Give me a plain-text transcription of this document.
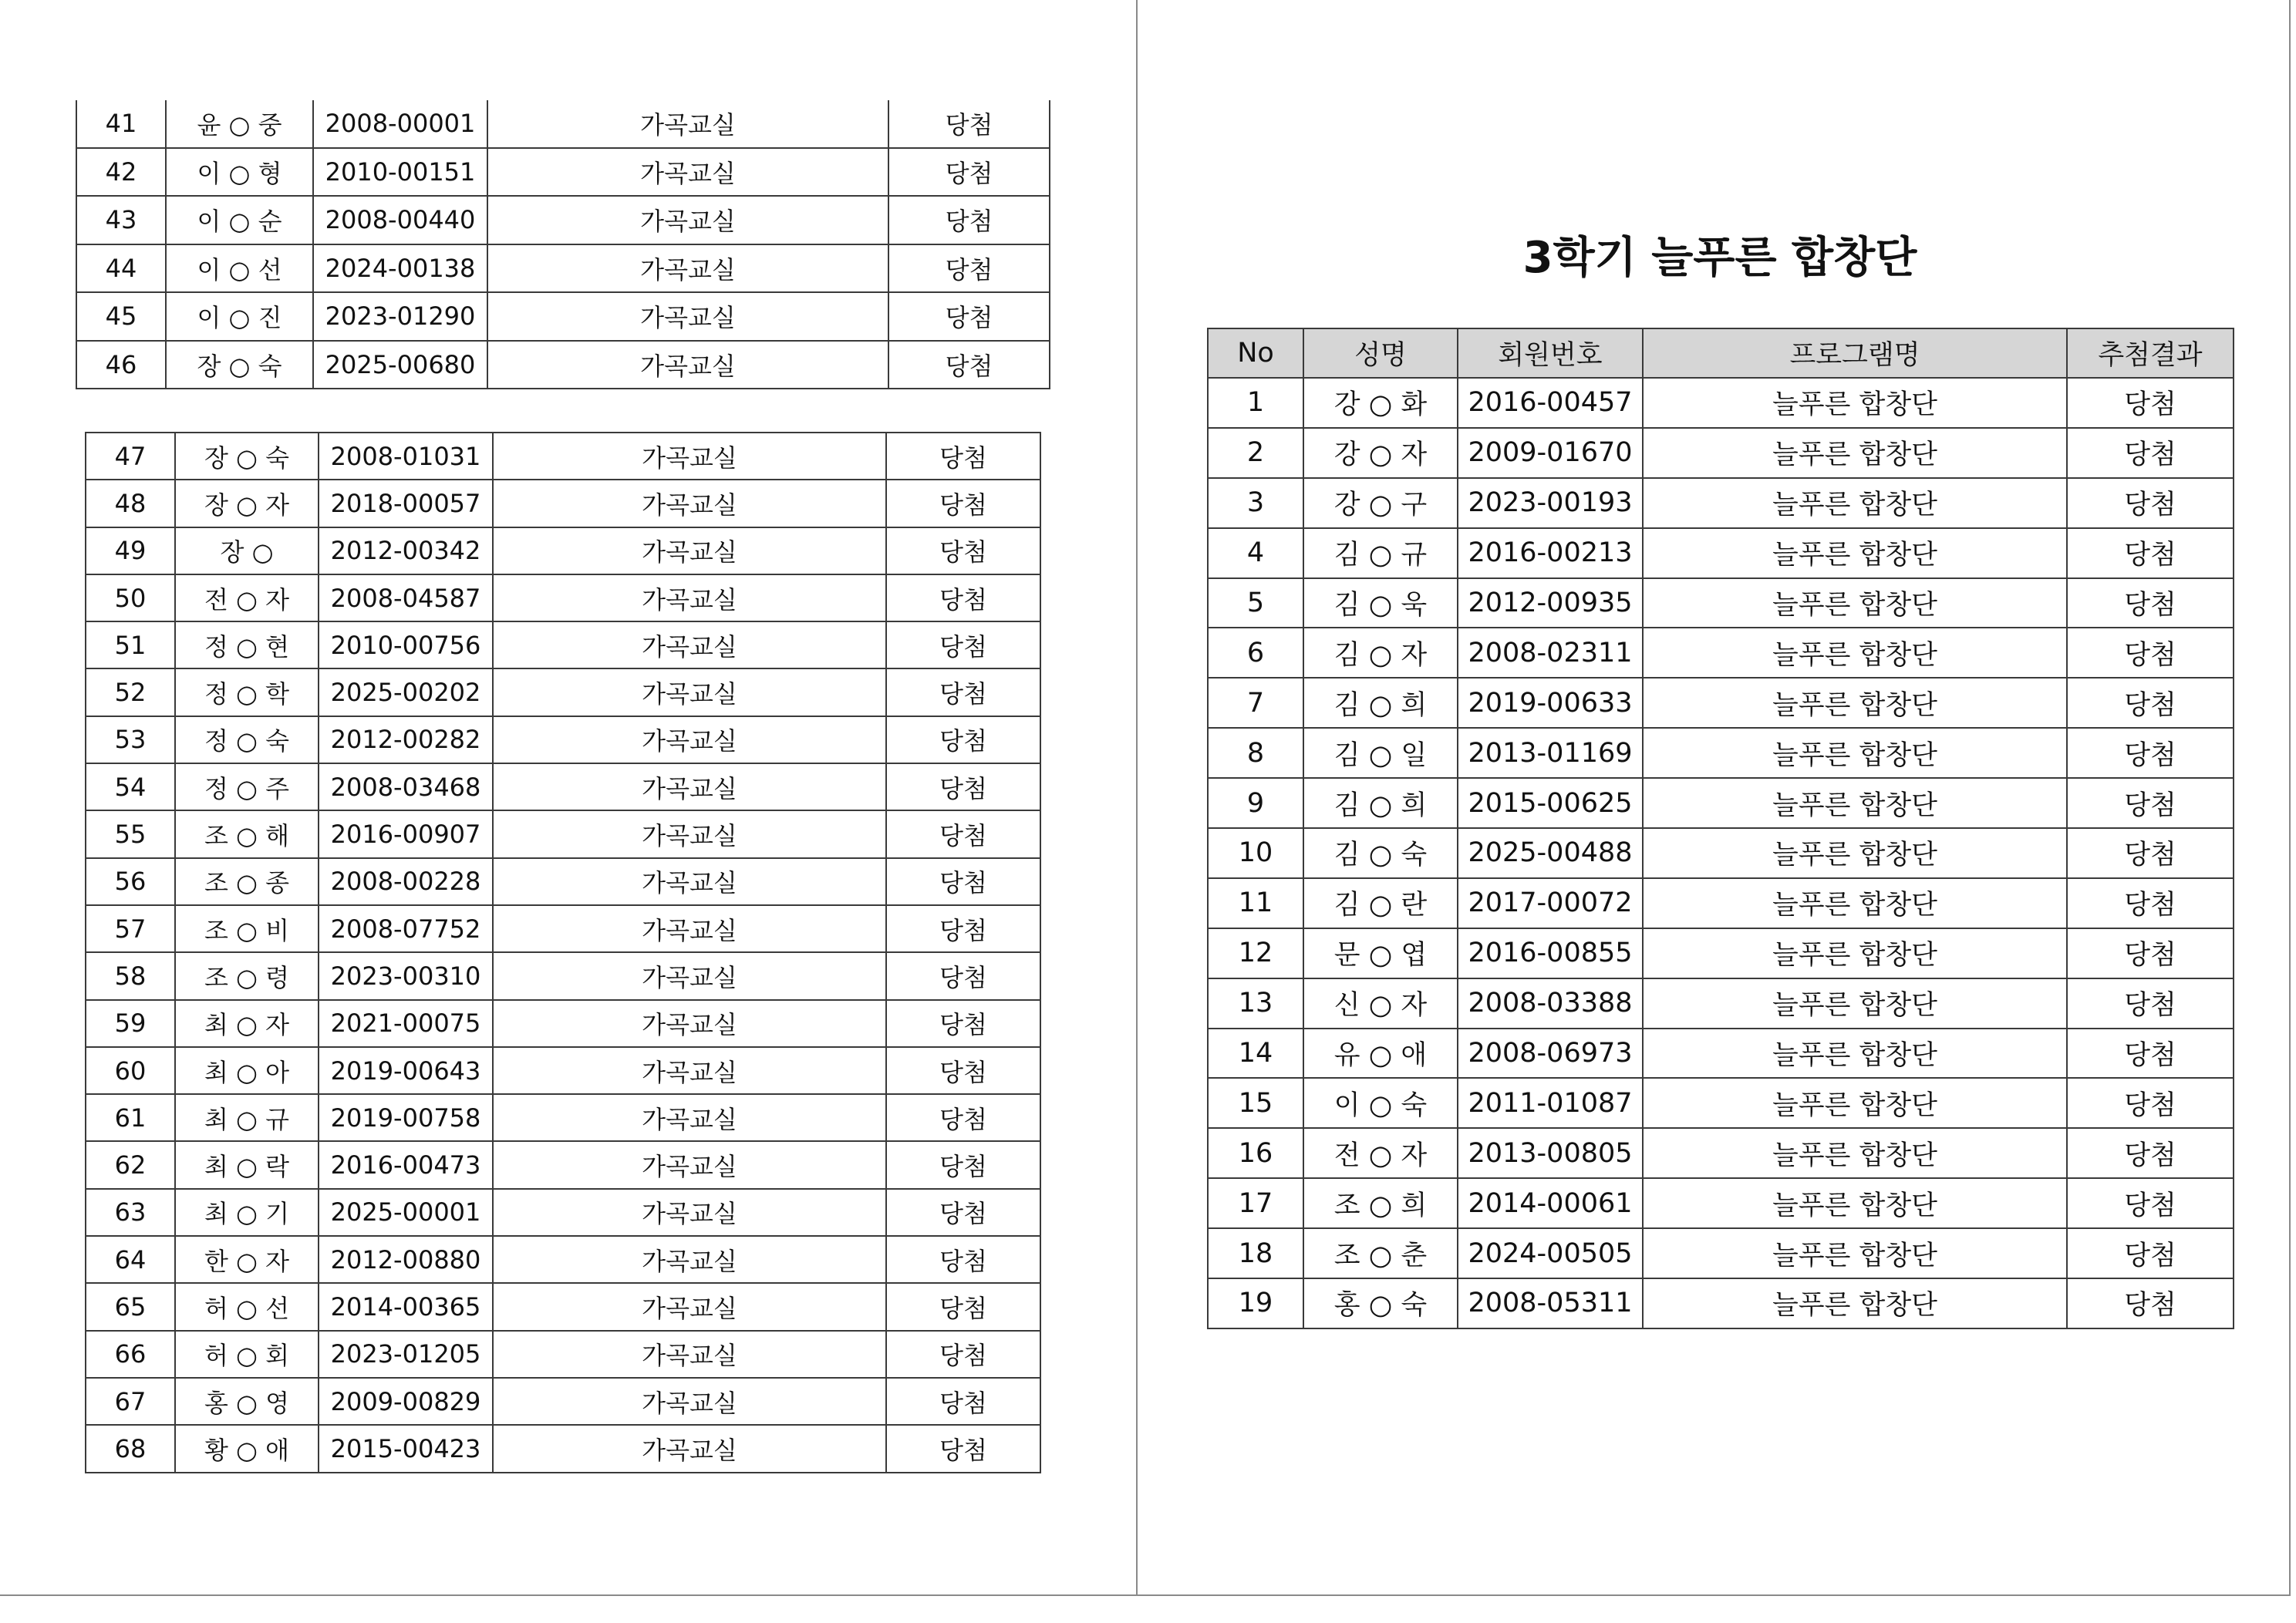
41	윤 ○ 중	2008-00001	가곡교실	당첨
42	이 ○ 형	2010-00151	가곡교실	당첨
43	이 ○ 순	2008-00440	가곡교실	당첨
44	이 ○ 선	2024-00138	가곡교실	당첨
45	이 ○ 진	2023-01290	가곡교실	당첨
46	장 ○ 숙	2025-00680	가곡교실	당첨
47	장 ○ 숙	2008-01031	가곡교실	당첨
48	장 ○ 자	2018-00057	가곡교실	당첨
49	장 ○	2012-00342	가곡교실	당첨
50	전 ○ 자	2008-04587	가곡교실	당첨
51	정 ○ 현	2010-00756	가곡교실	당첨
52	정 ○ 학	2025-00202	가곡교실	당첨
53	정 ○ 숙	2012-00282	가곡교실	당첨
54	정 ○ 주	2008-03468	가곡교실	당첨
55	조 ○ 해	2016-00907	가곡교실	당첨
56	조 ○ 종	2008-00228	가곡교실	당첨
57	조 ○ 비	2008-07752	가곡교실	당첨
58	조 ○ 령	2023-00310	가곡교실	당첨
59	최 ○ 자	2021-00075	가곡교실	당첨
60	최 ○ 아	2019-00643	가곡교실	당첨
61	최 ○ 규	2019-00758	가곡교실	당첨
62	최 ○ 락	2016-00473	가곡교실	당첨
63	최 ○ 기	2025-00001	가곡교실	당첨
64	한 ○ 자	2012-00880	가곡교실	당첨
65	허 ○ 선	2014-00365	가곡교실	당첨
66	허 ○ 회	2023-01205	가곡교실	당첨
67	홍 ○ 영	2009-00829	가곡교실	당첨
68	황 ○ 애	2015-00423	가곡교실	당첨
3학기 늘푸른 합창단
No	성명	회원번호	프로그램명	추첨결과
1	강 ○ 화	2016-00457	늘푸른 합창단	당첨
2	강 ○ 자	2009-01670	늘푸른 합창단	당첨
3	강 ○ 구	2023-00193	늘푸른 합창단	당첨
4	김 ○ 규	2016-00213	늘푸른 합창단	당첨
5	김 ○ 욱	2012-00935	늘푸른 합창단	당첨
6	김 ○ 자	2008-02311	늘푸른 합창단	당첨
7	김 ○ 희	2019-00633	늘푸른 합창단	당첨
8	김 ○ 일	2013-01169	늘푸른 합창단	당첨
9	김 ○ 희	2015-00625	늘푸른 합창단	당첨
10	김 ○ 숙	2025-00488	늘푸른 합창단	당첨
11	김 ○ 란	2017-00072	늘푸른 합창단	당첨
12	문 ○ 엽	2016-00855	늘푸른 합창단	당첨
13	신 ○ 자	2008-03388	늘푸른 합창단	당첨
14	유 ○ 애	2008-06973	늘푸른 합창단	당첨
15	이 ○ 숙	2011-01087	늘푸른 합창단	당첨
16	전 ○ 자	2013-00805	늘푸른 합창단	당첨
17	조 ○ 희	2014-00061	늘푸른 합창단	당첨
18	조 ○ 춘	2024-00505	늘푸른 합창단	당첨
19	홍 ○ 숙	2008-05311	늘푸른 합창단	당첨
